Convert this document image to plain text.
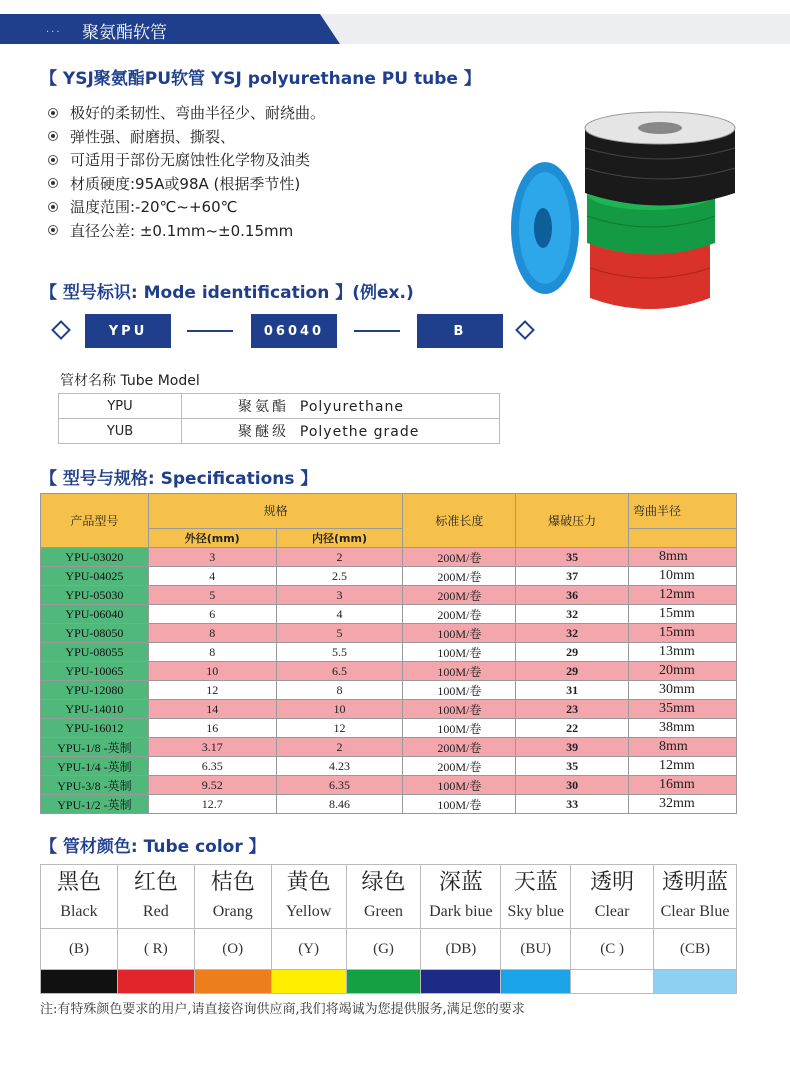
... 聚氨酯软管
【 YSJ聚氨酯PU软管 YSJ polyurethane PU tube 】
极好的柔韧性、弯曲半径少、耐绕曲。
弹性强、耐磨损、撕裂、
可适用于部份无腐蚀性化学物及油类
材质硬度:95A或98A (根据季节性)
温度范围:-20℃~+60℃
直径公差: ±0.1mm~±0.15mm
【 型号标识: Mode identification 】(例ex.)
YPU	06040	B
管材名称 Tube Model
YPU	聚氨酯 Polyurethane
YUB	聚醚级 Polyethe grade
【 型号与规格: Specifications 】
产品型号	规格		标准长度	爆破压力	弯曲半径
	外径(mm)	内径(mm)			
YPU-03020	3	2	200M/卷	35	8mm
YPU-04025	4	2.5	200M/卷	37	10mm
YPU-05030	5	3	200M/卷	36	12mm
YPU-06040	6	4	200M/卷	32	15mm
YPU-08050	8	5	100M/卷	32	15mm
YPU-08055	8	5.5	100M/卷	29	13mm
YPU-10065	10	6.5	100M/卷	29	20mm
YPU-12080	12	8	100M/卷	31	30mm
YPU-14010	14	10	100M/卷	23	35mm
YPU-16012	16	12	100M/卷	22	38mm
YPU-1/8 -英制	3.17	2	200M/卷	39	8mm
YPU-1/4 -英制	6.35	4.23	200M/卷	35	12mm
YPU-3/8 -英制	9.52	6.35	100M/卷	30	16mm
YPU-1/2 -英制	12.7	8.46	100M/卷	33	32mm
【 管材颜色: Tube color 】
黑色	红色	桔色	黄色	绿色	深蓝	天蓝	透明	透明蓝
Black	Red	Orang	Yellow	Green	Dark biue	Sky blue	Clear	Clear Blue
(B)	( R)	(O)	(Y)	(G)	(DB)	(BU)	(C )	(CB)

注:有特殊颜色要求的用户,请直接咨询供应商,我们将竭诚为您提供服务,满足您的要求
